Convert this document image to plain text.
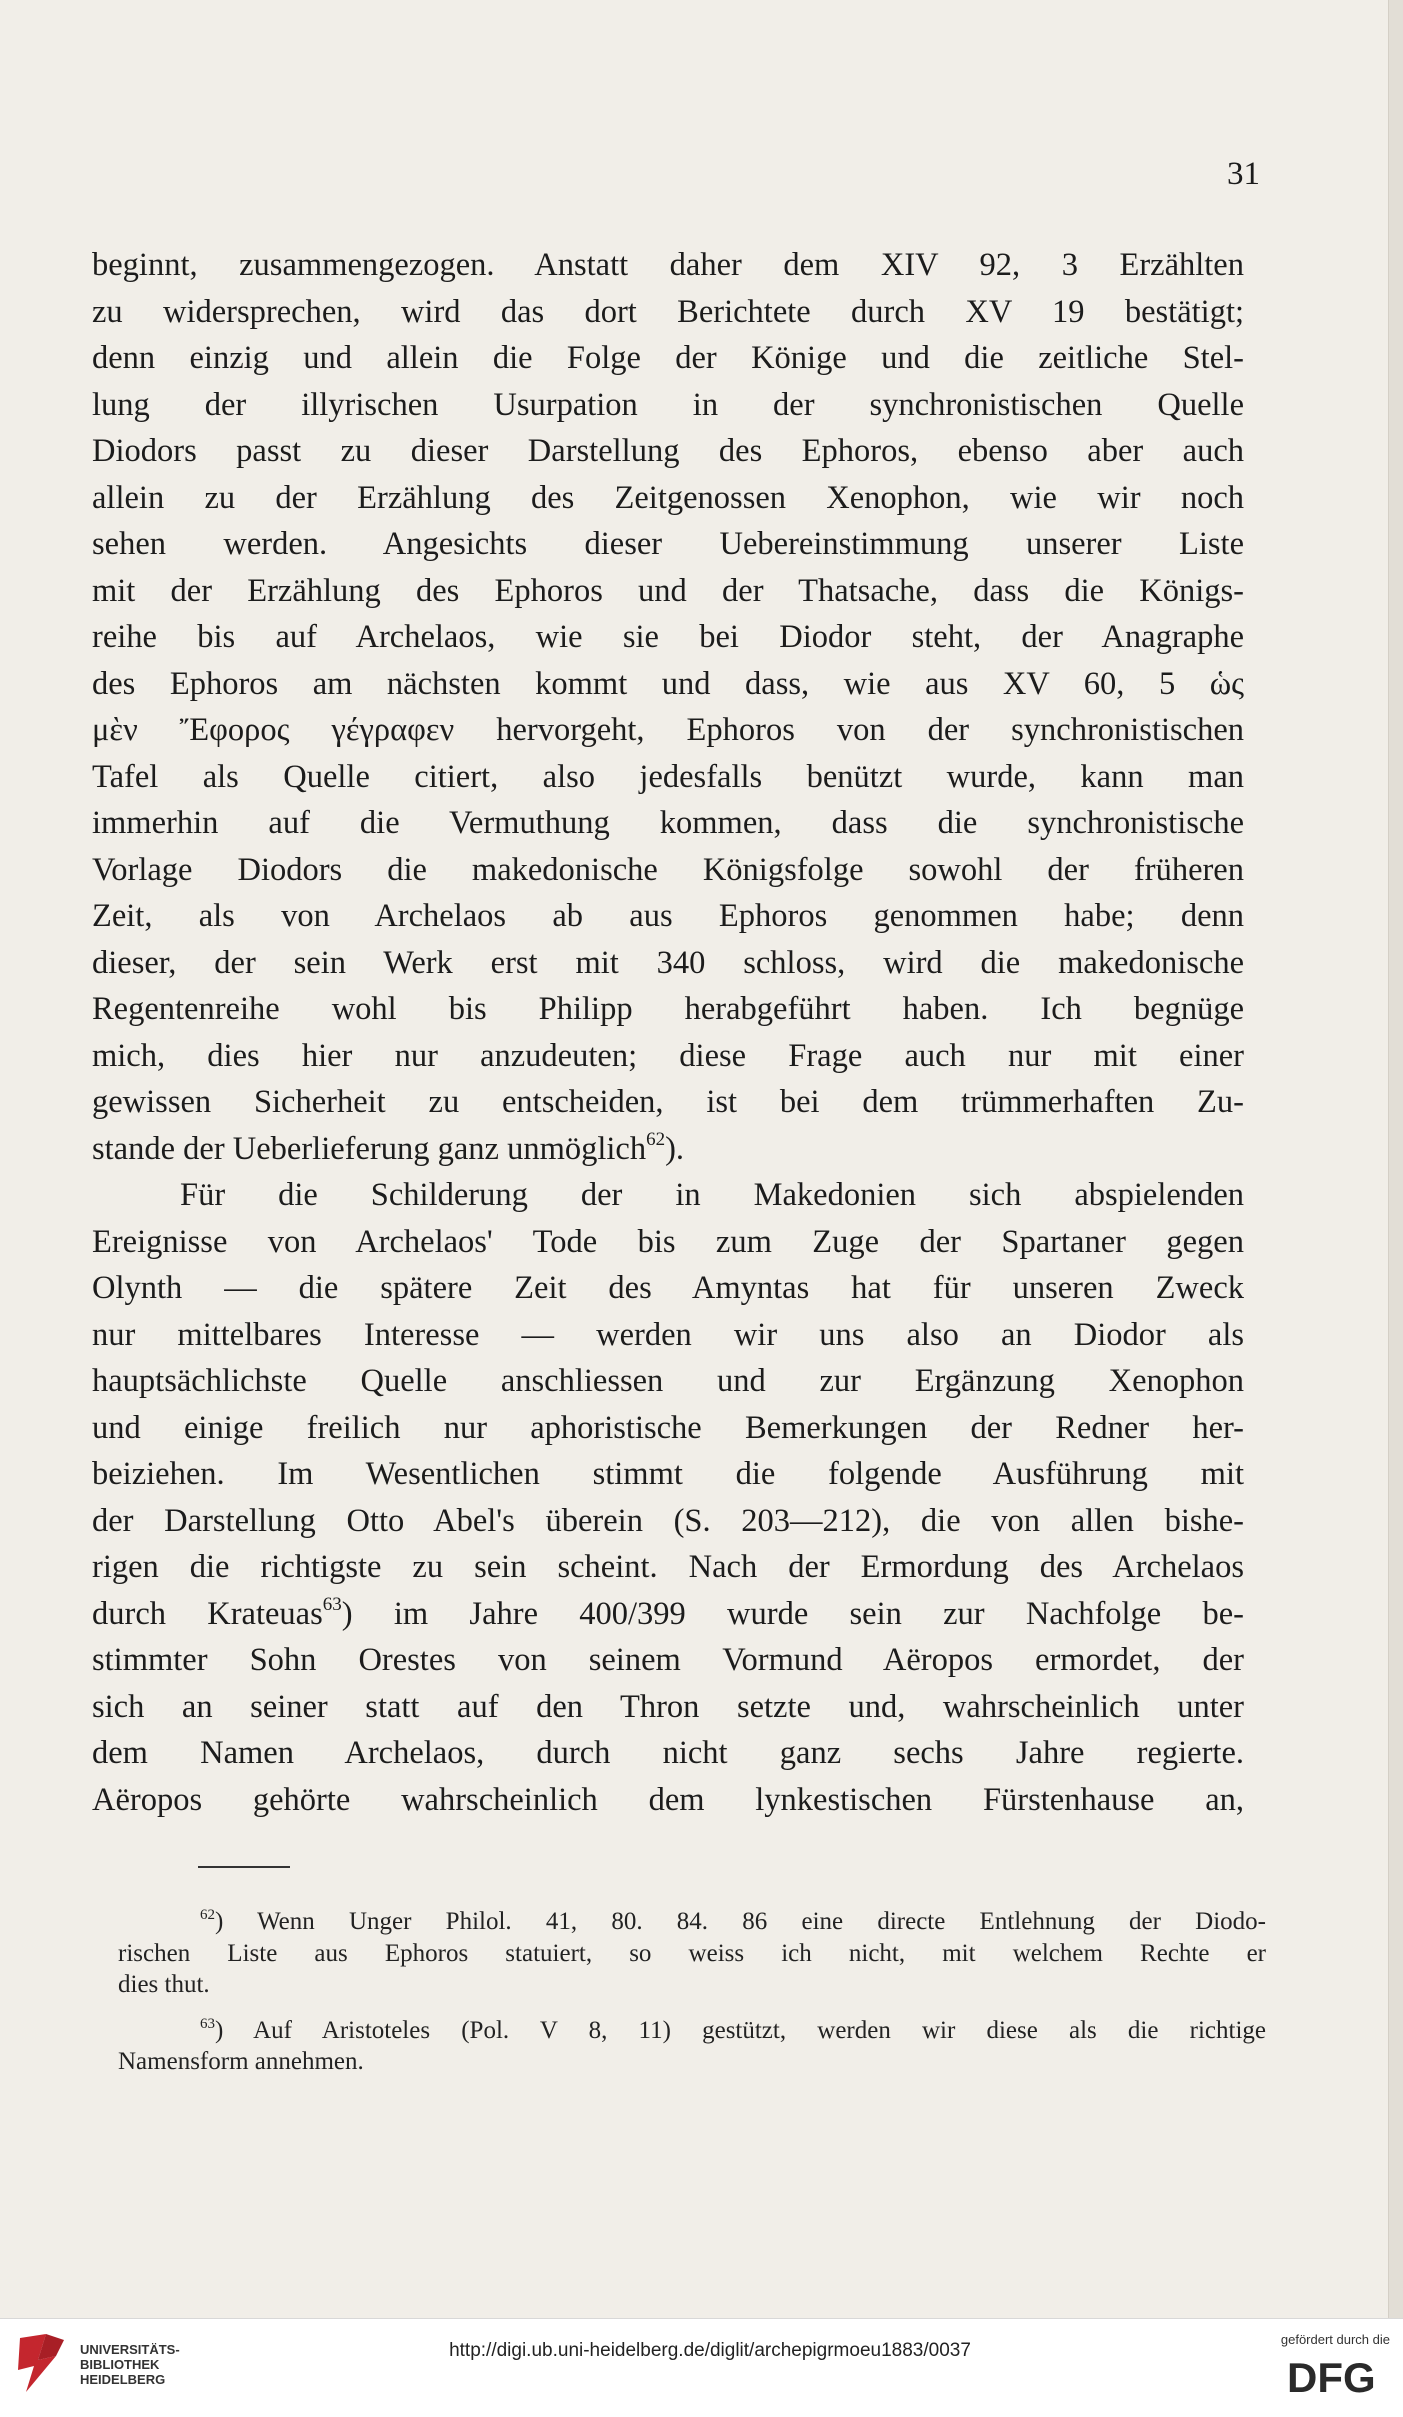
31
beginnt, zusammengezogen. Anstatt daher dem XIV 92, 3 Erzählten
zu widersprechen, wird das dort Berichtete durch XV 19 bestätigt;
denn einzig und allein die Folge der Könige und die zeitliche Stel-
lung der illyrischen Usurpation in der synchronistischen Quelle
Diodors passt zu dieser Darstellung des Ephoros, ebenso aber auch
allein zu der Erzählung des Zeitgenossen Xenophon, wie wir noch
sehen werden. Angesichts dieser Uebereinstimmung unserer Liste
mit der Erzählung des Ephoros und der Thatsache, dass die Königs-
reihe bis auf Archelaos, wie sie bei Diodor steht, der Anagraphe
des Ephoros am nächsten kommt und dass, wie aus XV 60, 5 ὡς
μὲν Ἔφορος γέγραφεν hervorgeht, Ephoros von der synchronistischen
Tafel als Quelle citiert, also jedesfalls benützt wurde, kann man
immerhin auf die Vermuthung kommen, dass die synchronistische
Vorlage Diodors die makedonische Königsfolge sowohl der früheren
Zeit, als von Archelaos ab aus Ephoros genommen habe; denn
dieser, der sein Werk erst mit 340 schloss, wird die makedonische
Regentenreihe wohl bis Philipp herabgeführt haben. Ich begnüge
mich, dies hier nur anzudeuten; diese Frage auch nur mit einer
gewissen Sicherheit zu entscheiden, ist bei dem trümmerhaften Zu-
stande der Ueberlieferung ganz unmöglich$^{62}$).
Für die Schilderung der in Makedonien sich abspielenden
Ereignisse von Archelaos' Tode bis zum Zuge der Spartaner gegen
Olynth — die spätere Zeit des Amyntas hat für unseren Zweck
nur mittelbares Interesse — werden wir uns also an Diodor als
hauptsächlichste Quelle anschliessen und zur Ergänzung Xenophon
und einige freilich nur aphoristische Bemerkungen der Redner her-
beiziehen. Im Wesentlichen stimmt die folgende Ausführung mit
der Darstellung Otto Abel's überein (S. 203—212), die von allen bishe-
rigen die richtigste zu sein scheint. Nach der Ermordung des Archelaos
durch Krateuas$^{63}$) im Jahre 400/399 wurde sein zur Nachfolge be-
stimmter Sohn Orestes von seinem Vormund Aëropos ermordet, der
sich an seiner statt auf den Thron setzte und, wahrscheinlich unter
dem Namen Archelaos, durch nicht ganz sechs Jahre regierte.
Aëropos gehörte wahrscheinlich dem lynkestischen Fürstenhause an,
$^{62}$) Wenn Unger Philol. 41, 80. 84. 86 eine directe Entlehnung der Diodo-
rischen Liste aus Ephoros statuiert, so weiss ich nicht, mit welchem Rechte er
dies thut.
$^{63}$) Auf Aristoteles (Pol. V 8, 11) gestützt, werden wir diese als die richtige
Namensform annehmen.
UNIVERSITÄTS-
BIBLIOTHEK
HEIDELBERG
http://digi.ub.uni-heidelberg.de/diglit/archepigrmoeu1883/0037
gefördert durch die
DFG
